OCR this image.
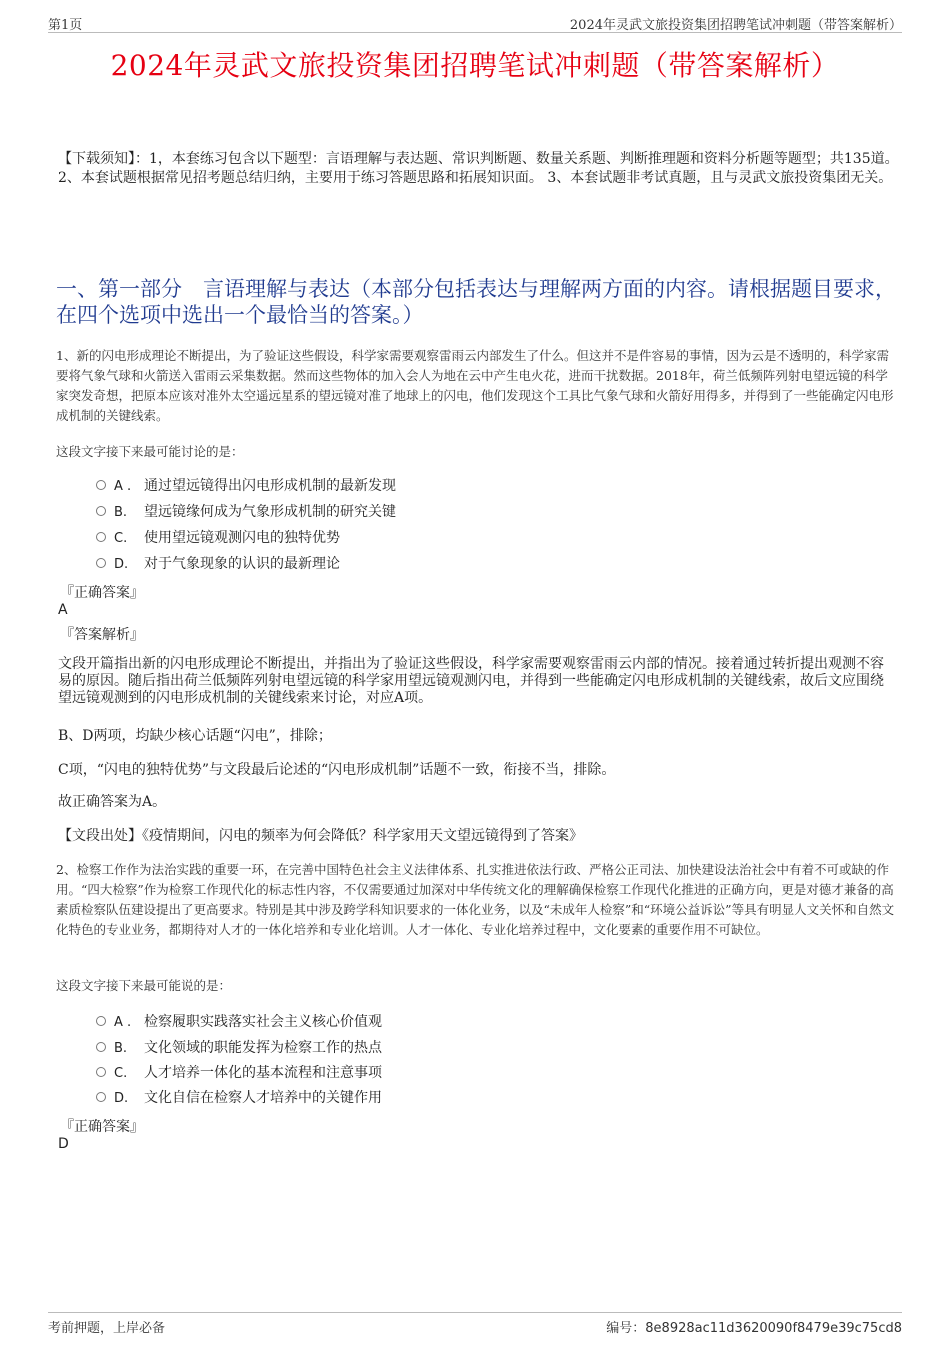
第1页	2024年灵武文旅投资集团招聘笔试冲刺题（带答案解析）
2024年灵武文旅投资集团招聘笔试冲刺题（带答案解析）
【下载须知】：1，本套练习包含以下题型：言语理解与表达题、常识判断题、数量关系题、判断推理题和资料分析题等题型；共135道。 2、本套试题根据常见招考题总结归纳，主要用于练习答题思路和拓展知识面。 3、本套试题非考试真题，且与灵武文旅投资集团无关。
一、第一部分　言语理解与表达（本部分包括表达与理解两方面的内容。请根据题目要求，在四个选项中选出一个最恰当的答案。）
1、新的闪电形成理论不断提出，为了验证这些假设，科学家需要观察雷雨云内部发生了什么。但这并不是件容易的事情，因为云是不透明的，科学家需要将气象气球和火箭送入雷雨云采集数据。然而这些物体的加入会人为地在云中产生电火花，进而干扰数据。2018年，荷兰低频阵列射电望远镜的科学家突发奇想，把原本应该对准外太空遥远星系的望远镜对准了地球上的闪电，他们发现这个工具比气象气球和火箭好用得多，并得到了一些能确定闪电形成机制的关键线索。
这段文字接下来最可能讨论的是：
A . 通过望远镜得出闪电形成机制的最新发现
B. 望远镜缘何成为气象形成机制的研究关键
C. 使用望远镜观测闪电的独特优势
D. 对于气象现象的认识的最新理论
『正确答案』
A
『答案解析』
文段开篇指出新的闪电形成理论不断提出，并指出为了验证这些假设，科学家需要观察雷雨云内部的情况。接着通过转折提出观测不容易的原因。随后指出荷兰低频阵列射电望远镜的科学家用望远镜观测闪电，并得到一些能确定闪电形成机制的关键线索，故后文应围绕望远镜观测到的闪电形成机制的关键线索来讨论，对应A项。
B、D两项，均缺少核心话题“闪电”，排除；
C项，“闪电的独特优势”与文段最后论述的“闪电形成机制”话题不一致，衔接不当，排除。
故正确答案为A。
【文段出处】《疫情期间，闪电的频率为何会降低？科学家用天文望远镜得到了答案》
2、检察工作作为法治实践的重要一环，在完善中国特色社会主义法律体系、扎实推进依法行政、严格公正司法、加快建设法治社会中有着不可或缺的作用。“四大检察”作为检察工作现代化的标志性内容，不仅需要通过加深对中华传统文化的理解确保检察工作现代化推进的正确方向，更是对德才兼备的高素质检察队伍建设提出了更高要求。特别是其中涉及跨学科知识要求的一体化业务，以及“未成年人检察”和“环境公益诉讼”等具有明显人文关怀和自然文化特色的专业业务，都期待对人才的一体化培养和专业化培训。人才一体化、专业化培养过程中，文化要素的重要作用不可缺位。
这段文字接下来最可能说的是：
A . 检察履职实践落实社会主义核心价值观
B. 文化领域的职能发挥为检察工作的热点
C. 人才培养一体化的基本流程和注意事项
D. 文化自信在检察人才培养中的关键作用
『正确答案』
D
考前押题，上岸必备	编号：8e8928ac11d3620090f8479e39c75cd8
